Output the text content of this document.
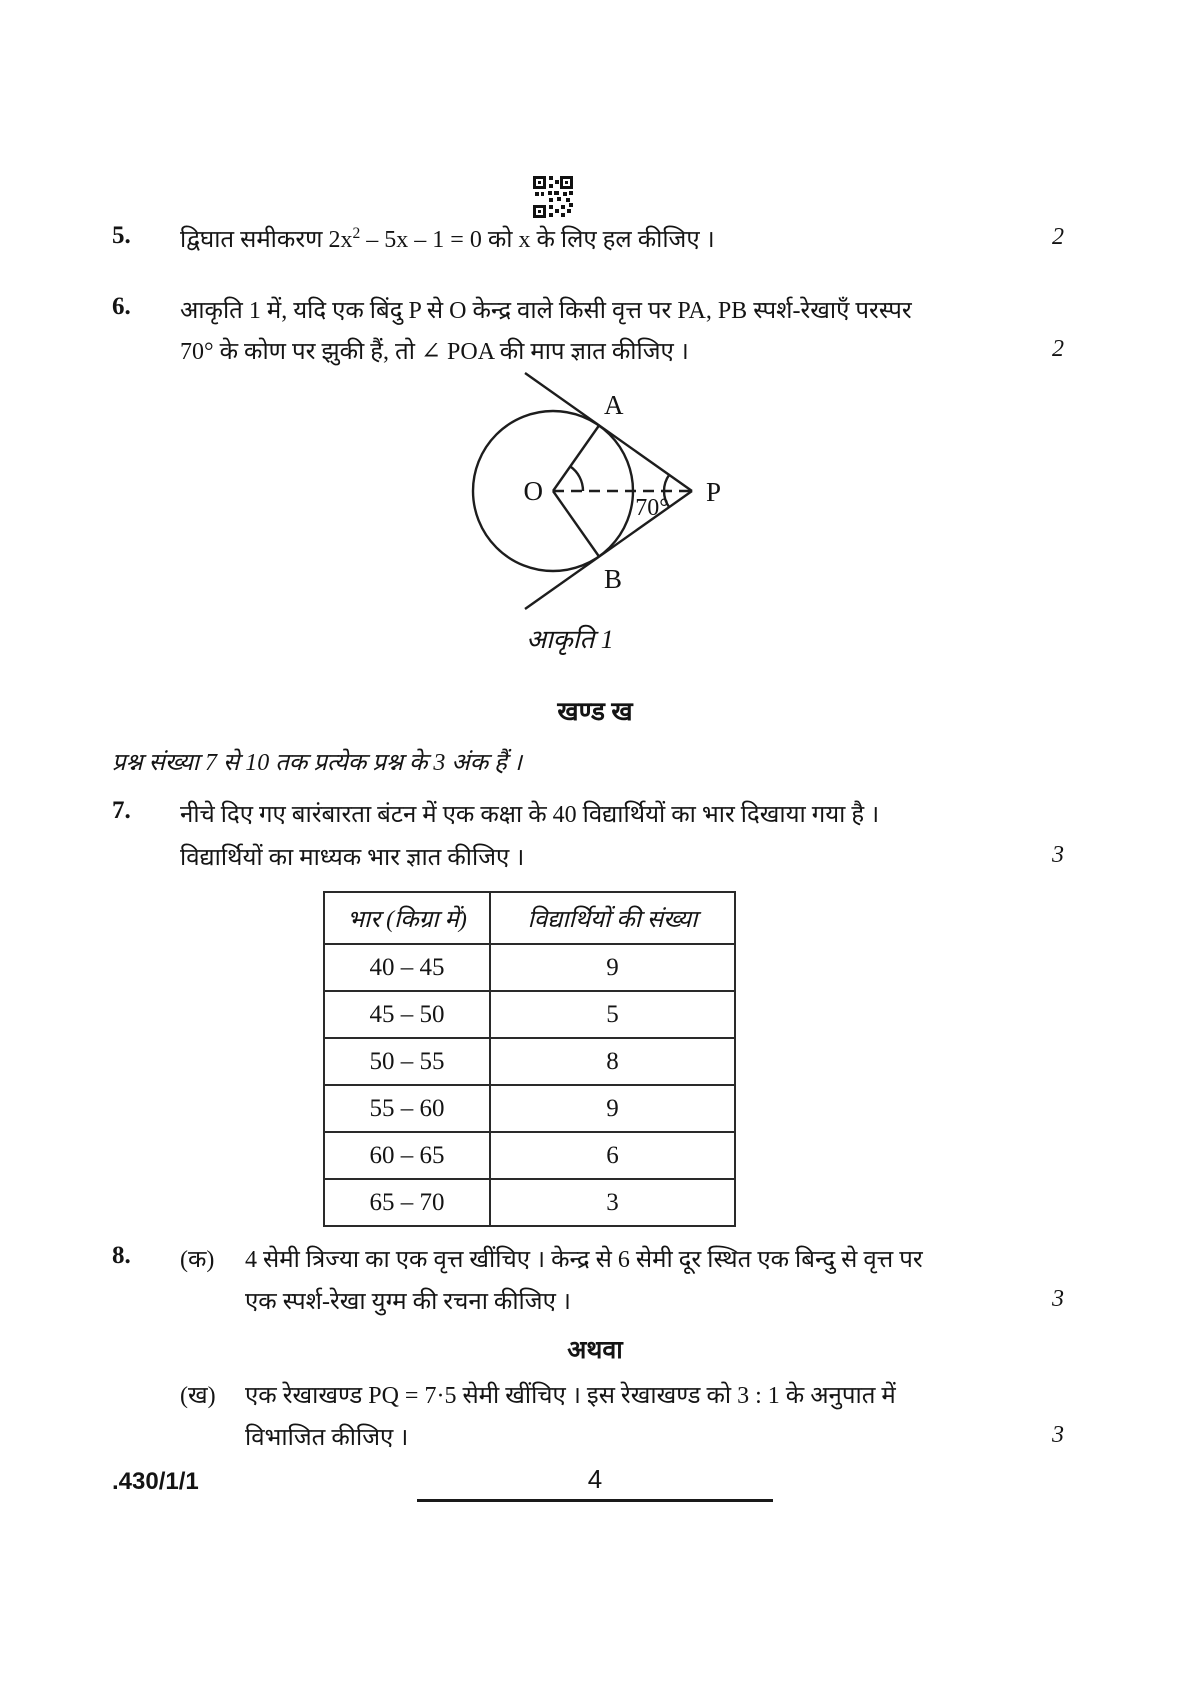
5. द्विघात समीकरण $2x^2 - 5x - 1 = 0$ को x के लिए हल कीजिए ।	2
6. आकृति 1 में, यदि एक बिंदु P से O केन्द्र वाले किसी वृत्त पर PA, PB स्पर्श-रेखाएँ परस्पर
70° के कोण पर झुकी हैं, तो ∠ POA की माप ज्ञात कीजिए ।	2
O
A
B
P
70°
आकृति 1
खण्ड ख
प्रश्न संख्या 7 से 10 तक प्रत्येक प्रश्न के 3 अंक हैं ।
7. नीचे दिए गए बारंबारता बंटन में एक कक्षा के 40 विद्यार्थियों का भार दिखाया गया है ।
विद्यार्थियों का माध्यक भार ज्ञात कीजिए ।	3
भार (किग्रा में)	विद्यार्थियों की संख्या
40 – 45	9
45 – 50	5
50 – 55	8
55 – 60	9
60 – 65	6
65 – 70	3
8. (क) 4 सेमी त्रिज्या का एक वृत्त खींचिए । केन्द्र से 6 सेमी दूर स्थित एक बिन्दु से वृत्त पर
एक स्पर्श-रेखा युग्म की रचना कीजिए ।	3
अथवा
(ख) एक रेखाखण्ड PQ = 7·5 सेमी खींचिए । इस रेखाखण्ड को 3 : 1 के अनुपात में
विभाजित कीजिए ।	3
.430/1/1	4
